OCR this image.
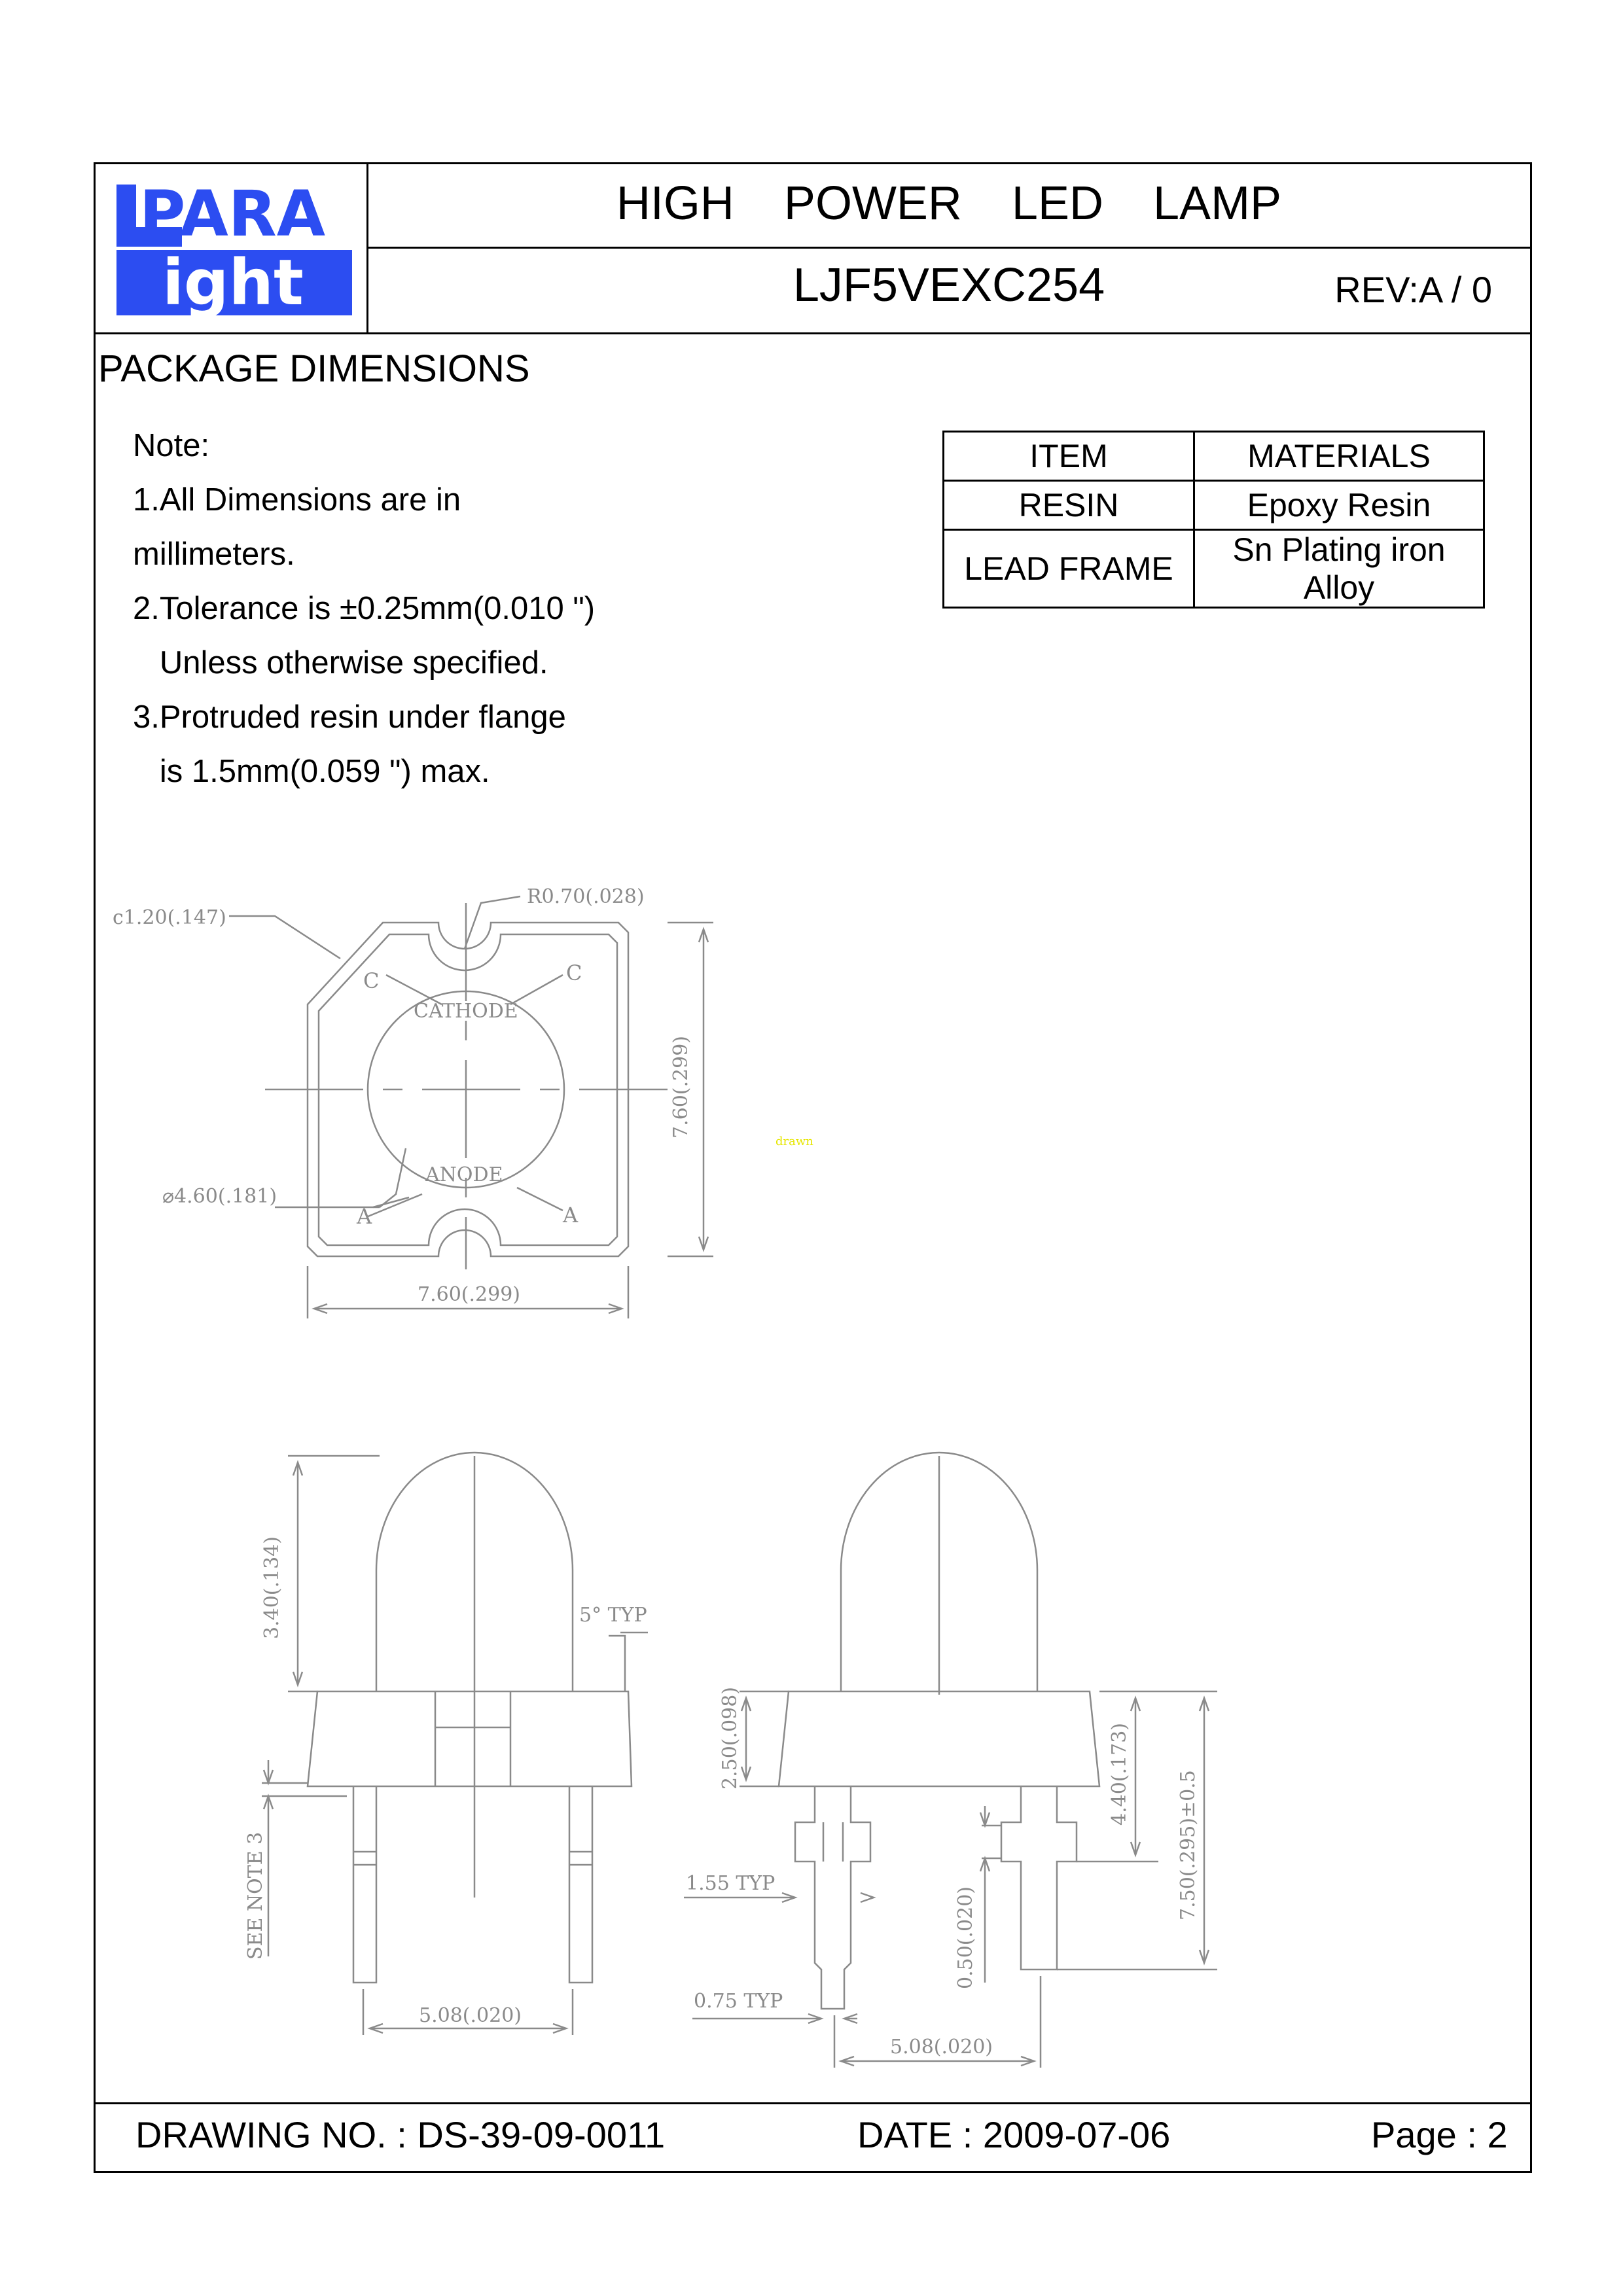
PARA
ight
HIGH POWER LED LAMP
LJF5VEXC254	REV:A / 0
PACKAGE DIMENSIONS
Note:
1.All Dimensions are in
millimeters.
2.Tolerance is ±0.25mm(0.010 ")
Unless otherwise specified.
3.Protruded resin under flange
is 1.5mm(0.059 ") max.
ITEM	MATERIALS
RESIN	Epoxy Resin
LEAD FRAME	Sn Plating iron Alloy
c1.20(.147)
R0.70(.028)
C	C
CATHODE
ANODE
A	A
⌀4.60(.181)
7.60(.299)
7.60(.299)
drawn
3.40(.134)	5° TYP
SEE NOTE 3
5.08(.020)
2.50(.098)
1.55 TYP
0.75 TYP
0.50(.020)
5.08(.020)
4.40(.173) 7.50(.295)±0.5
DRAWING NO. : DS-39-09-0011	DATE : 2009-07-06	Page : 2
